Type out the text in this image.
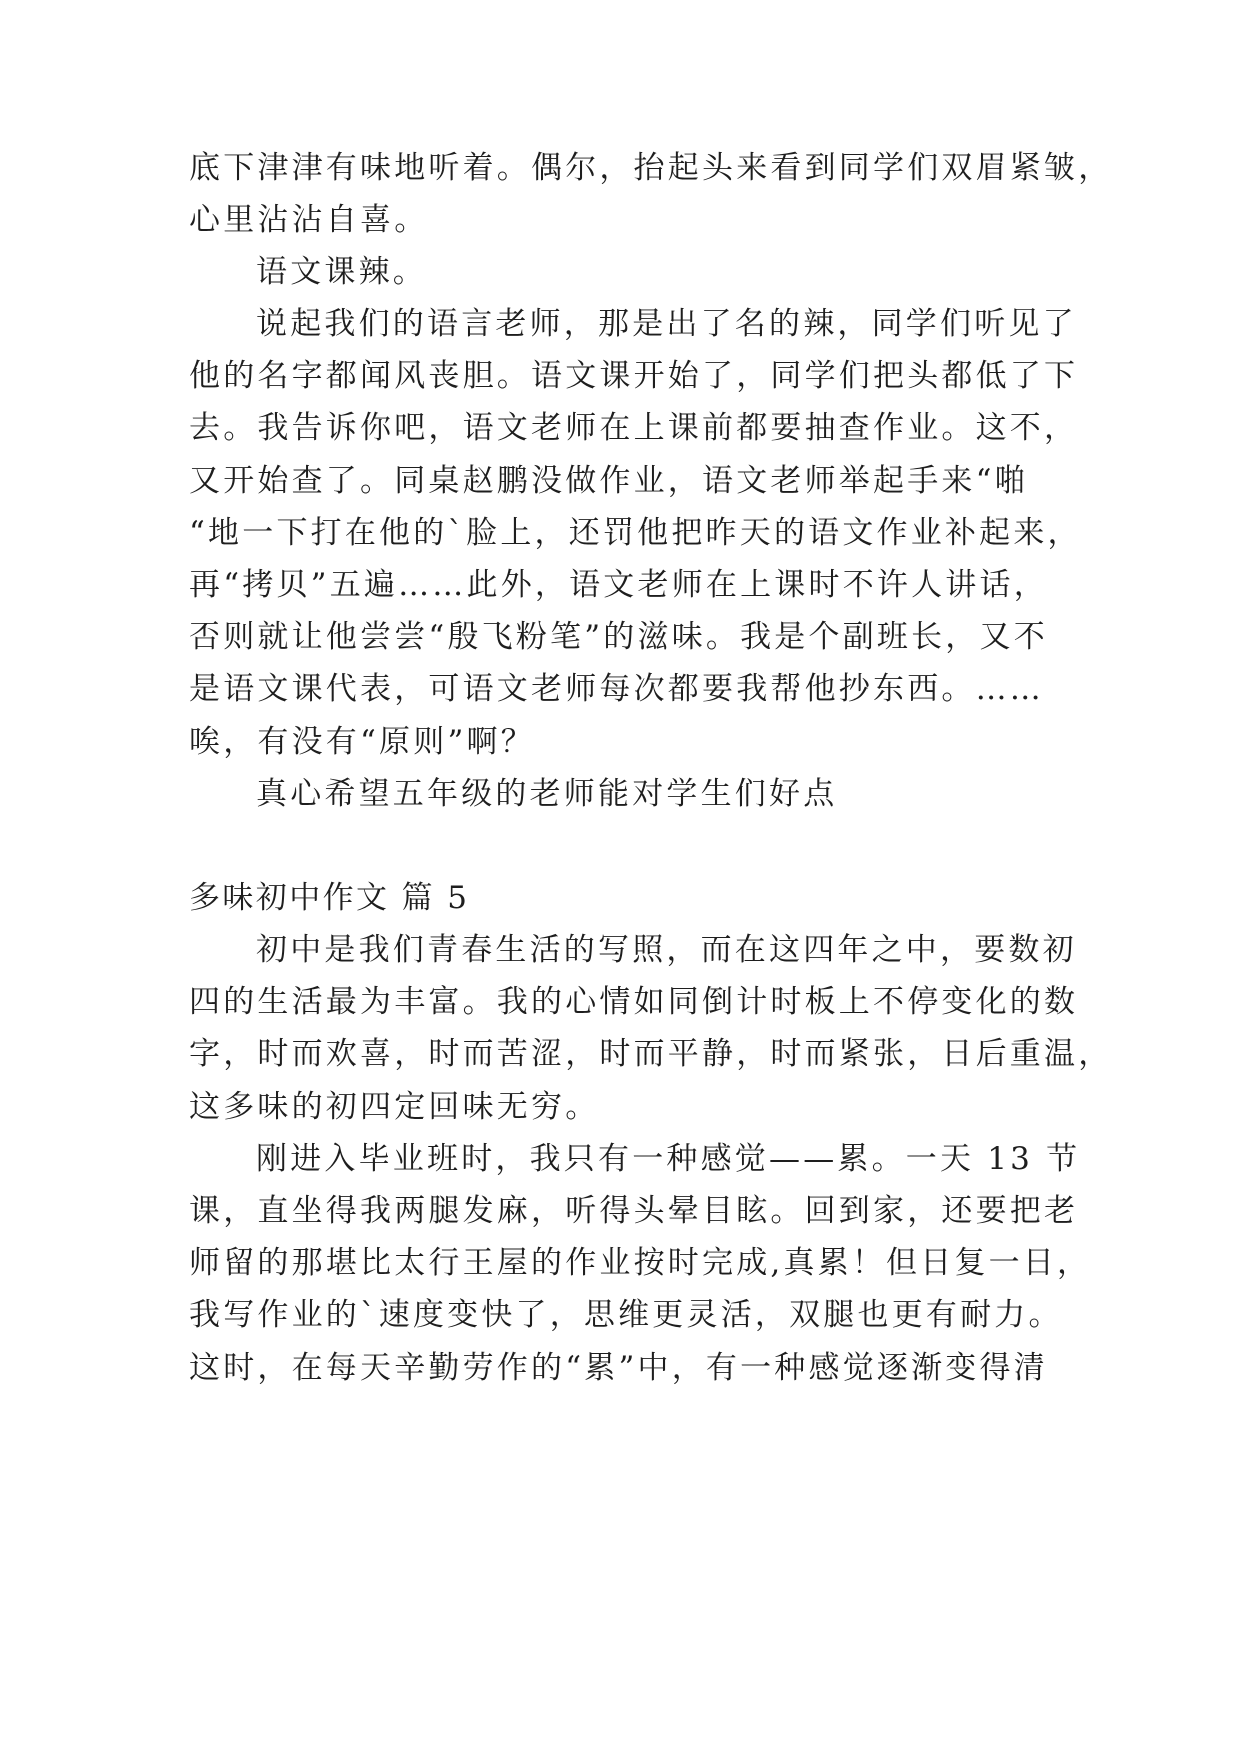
底下津津有味地听着。偶尔，抬起头来看到同学们双眉紧皱，
心里沾沾自喜。
语文课辣。
说起我们的语言老师，那是出了名的辣，同学们听见了
他的名字都闻风丧胆。语文课开始了，同学们把头都低了下
去。我告诉你吧，语文老师在上课前都要抽查作业。这不，
又开始查了。同桌赵鹏没做作业，语文老师举起手来“啪
“地一下打在他的`脸上，还罚他把昨天的语文作业补起来，
再“拷贝”五遍……此外，语文老师在上课时不许人讲话，
否则就让他尝尝“殷飞粉笔”的滋味。我是个副班长，又不
是语文课代表，可语文老师每次都要我帮他抄东西。……
唉，有没有“原则”啊？
真心希望五年级的老师能对学生们好点
多味初中作文 篇 5
初中是我们青春生活的写照，而在这四年之中，要数初
四的生活最为丰富。我的心情如同倒计时板上不停变化的数
字，时而欢喜，时而苦涩，时而平静，时而紧张，日后重温，
这多味的初四定回味无穷。
刚进入毕业班时，我只有一种感觉——累。一天 13 节
课，直坐得我两腿发麻，听得头晕目眩。回到家，还要把老
师留的那堪比太行王屋的作业按时完成,真累！但日复一日，
我写作业的`速度变快了，思维更灵活，双腿也更有耐力。
这时，在每天辛勤劳作的“累”中，有一种感觉逐渐变得清
